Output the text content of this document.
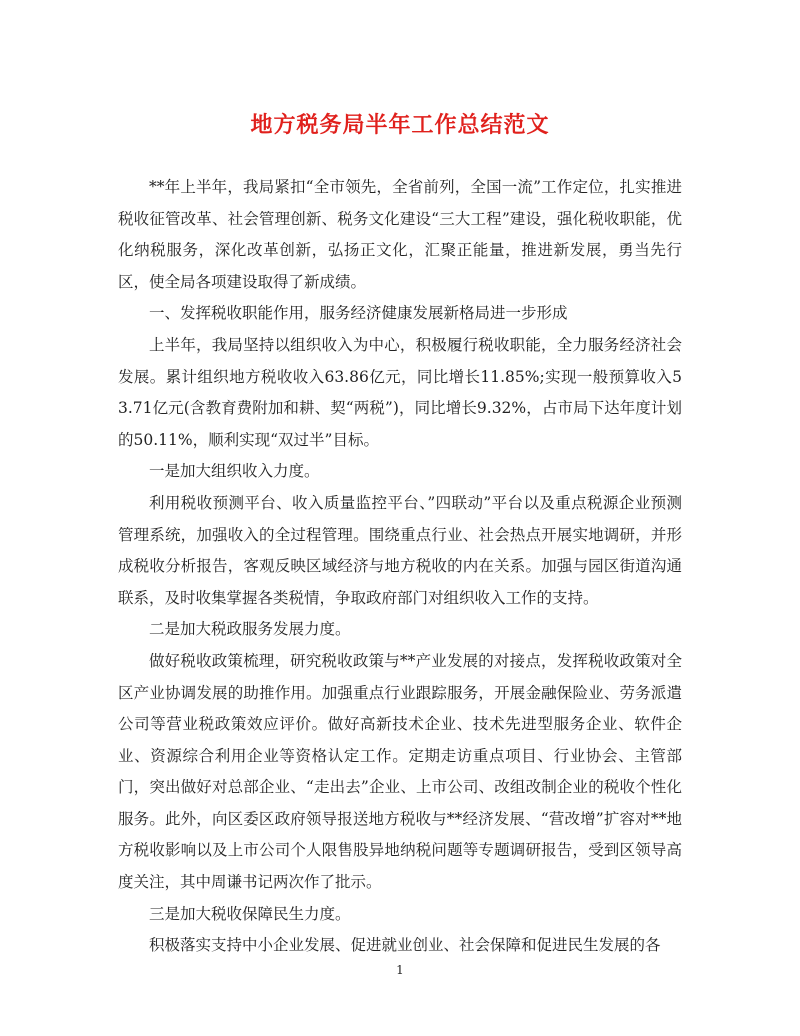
地方税务局半年工作总结范文

**年上半年，我局紧扣“全市领先，全省前列，全国一流”工作定位，扎实推进税收征管改革、社会管理创新、税务文化建设“三大工程”建设，强化税收职能，优化纳税服务，深化改革创新，弘扬正文化，汇聚正能量，推进新发展，勇当先行区，使全局各项建设取得了新成绩。

一、发挥税收职能作用，服务经济健康发展新格局进一步形成

上半年，我局坚持以组织收入为中心，积极履行税收职能，全力服务经济社会发展。累计组织地方税收收入63.86亿元，同比增长11.85%;实现一般预算收入53.71亿元(含教育费附加和耕、契“两税”)，同比增长9.32%，占市局下达年度计划的50.11%，顺利实现“双过半”目标。

一是加大组织收入力度。

利用税收预测平台、收入质量监控平台、”四联动”平台以及重点税源企业预测管理系统，加强收入的全过程管理。围绕重点行业、社会热点开展实地调研，并形成税收分析报告，客观反映区域经济与地方税收的内在关系。加强与园区街道沟通联系，及时收集掌握各类税情，争取政府部门对组织收入工作的支持。

二是加大税政服务发展力度。

做好税收政策梳理，研究税收政策与**产业发展的对接点，发挥税收政策对全区产业协调发展的助推作用。加强重点行业跟踪服务，开展金融保险业、劳务派遣公司等营业税政策效应评价。做好高新技术企业、技术先进型服务企业、软件企业、资源综合利用企业等资格认定工作。定期走访重点项目、行业协会、主管部门，突出做好对总部企业、“走出去”企业、上市公司、改组改制企业的税收个性化服务。此外，向区委区政府领导报送地方税收与**经济发展、“营改增”扩容对**地方税收影响以及上市公司个人限售股异地纳税问题等专题调研报告，受到区领导高度关注，其中周谦书记两次作了批示。

三是加大税收保障民生力度。

积极落实支持中小企业发展、促进就业创业、社会保障和促进民生发展的各

1
